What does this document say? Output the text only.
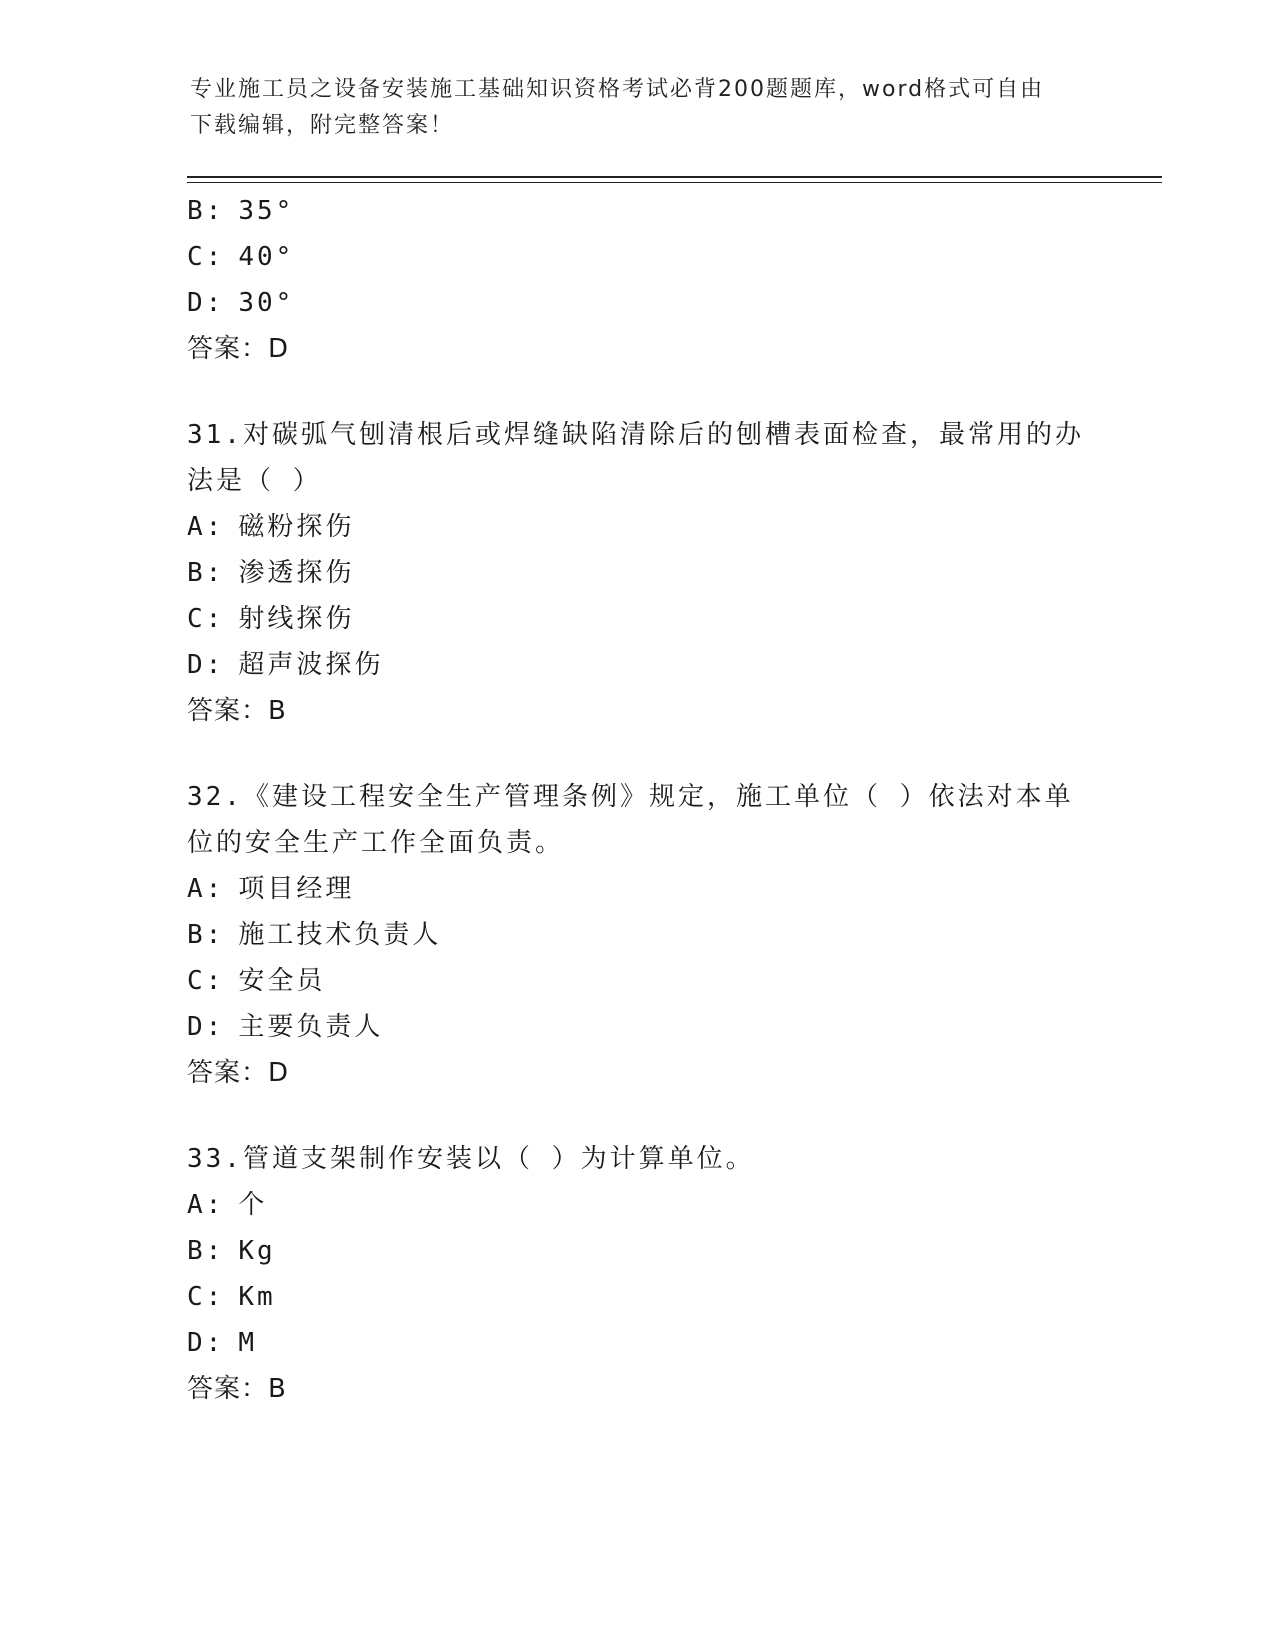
专业施工员之设备安装施工基础知识资格考试必背200题题库，word格式可自由
下载编辑，附完整答案！
B: 35°
C: 40°
D: 30°
答案：D
31.对碳弧气刨清根后或焊缝缺陷清除后的刨槽表面检查，最常用的办
法是（ ）
A: 磁粉探伤
B: 渗透探伤
C: 射线探伤
D: 超声波探伤
答案：B
32.《建设工程安全生产管理条例》规定，施工单位（ ）依法对本单
位的安全生产工作全面负责。
A: 项目经理
B: 施工技术负责人
C: 安全员
D: 主要负责人
答案：D
33.管道支架制作安装以（ ）为计算单位。
A: 个
B: Kg
C: Km
D: M
答案：B
